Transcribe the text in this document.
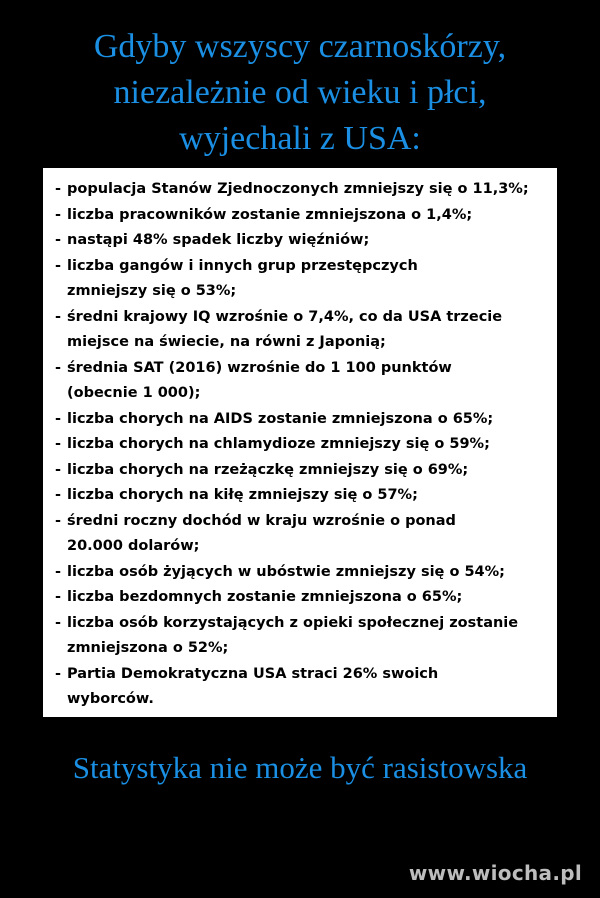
Gdyby wszyscy czarnoskórzy,
niezależnie od wieku i płci,
wyjechali z USA:
- populacja Stanów Zjednoczonych zmniejszy się o 11,3%;
- liczba pracowników zostanie zmniejszona o 1,4%;
- nastąpi 48% spadek liczby więźniów;
- liczba gangów i innych grup przestępczych
zmniejszy się o 53%;
- średni krajowy IQ wzrośnie o 7,4%, co da USA trzecie
miejsce na świecie, na równi z Japonią;
- średnia SAT (2016) wzrośnie do 1 100 punktów
(obecnie 1 000);
- liczba chorych na AIDS zostanie zmniejszona o 65%;
- liczba chorych na chlamydioze zmniejszy się o 59%;
- liczba chorych na rzeżączkę zmniejszy się o 69%;
- liczba chorych na kiłę zmniejszy się o 57%;
- średni roczny dochód w kraju wzrośnie o ponad
20.000 dolarów;
- liczba osób żyjących w ubóstwie zmniejszy się o 54%;
- liczba bezdomnych zostanie zmniejszona o 65%;
- liczba osób korzystających z opieki społecznej zostanie
zmniejszona o 52%;
- Partia Demokratyczna USA straci 26% swoich
wyborców.
Statystyka nie może być rasistowska
www.wiocha.pl
